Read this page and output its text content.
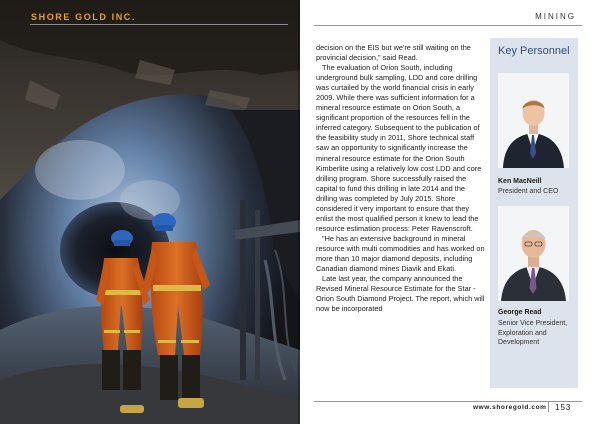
SHORE GOLD INC.	MINING

decision on the EIS but we're still waiting on the provincial decision," said Read.

The evaluation of Orion South, including underground bulk sampling, LDD and core drilling was curtailed by the world financial crisis in early 2009. While there was sufficient information for a mineral resource estimate on Orion South, a significant proportion of the resources fell in the inferred category. Subsequent to the publication of the feasibility study in 2011, Shore technical staff saw an opportunity to significantly increase the mineral resource estimate for the Orion South Kimberlite using a relatively low cost LDD and core drilling program. Shore successfully raised the capital to fund this drilling in late 2014 and the drilling was completed by July 2015. Shore considered it very important to ensure that they enlist the most qualified person it knew to lead the resource estimation process: Peter Ravenscroft.

"He has an extensive background in mineral resource with multi commodities and has worked on more than 10 major diamond deposits, including Canadian diamond mines Diavik and Ekati.

Late last year, the company announced the Revised Mineral Resource Estimate for the Star - Orion South Diamond Project. The report, which will now be incorporated

Key Personnel
Ken MacNeill
President and CEO
George Read
Senior Vice President, Exploration and Development
www.shoregold.com 153
